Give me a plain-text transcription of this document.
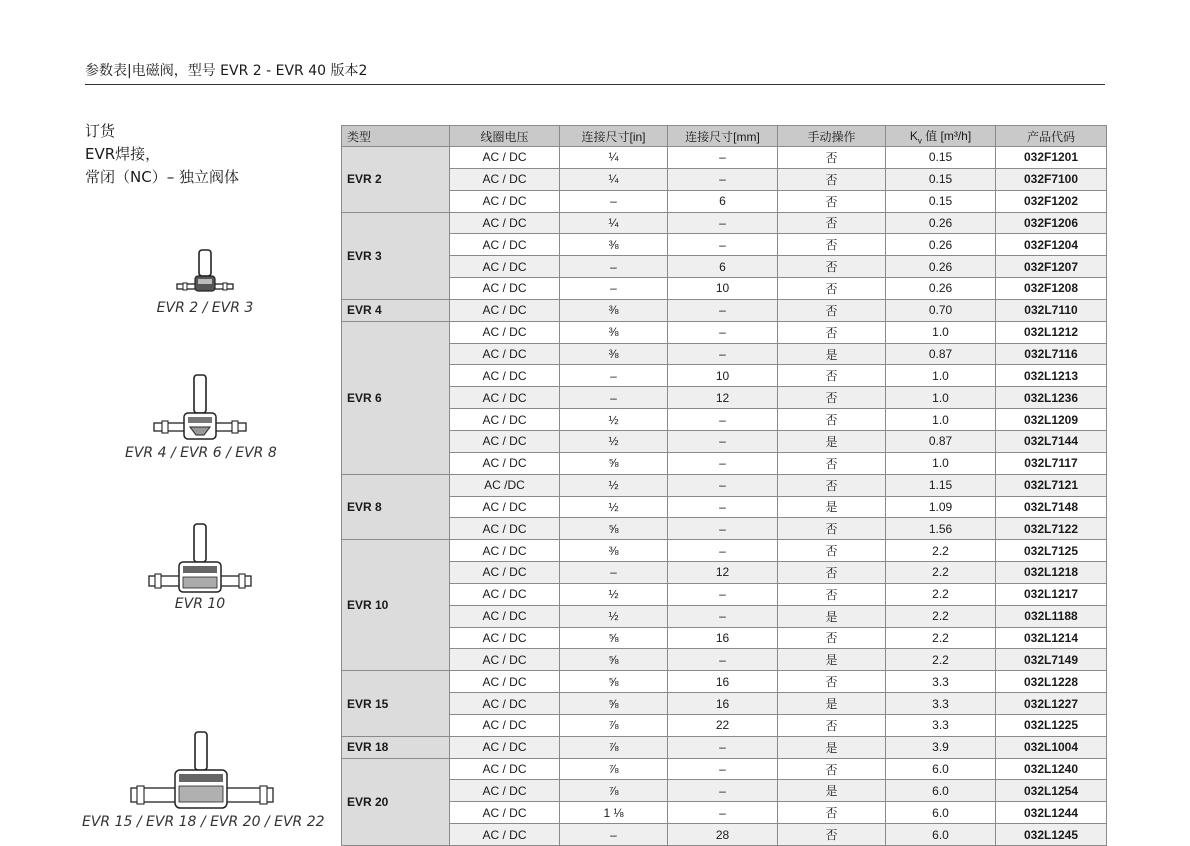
参数表|电磁阀，型号 EVR 2 - EVR 40 版本2
订货
EVR焊接，
常闭（NC）– 独立阀体
EVR 2 / EVR 3
EVR 4 / EVR 6 / EVR 8
EVR 10
EVR 15 / EVR 18 / EVR 20 / EVR 22
类型	线圈电压	连接尺寸[in]	连接尺寸[mm]	手动操作	$K_v$ 值 [m³/h]	产品代码
EVR 2	AC / DC	¼	–	否	0.15	032F1201
	AC / DC	¼	–	否	0.15	032F7100
	AC / DC	–	6	否	0.15	032F1202
EVR 3	AC / DC	¼	–	否	0.26	032F1206
	AC / DC	⅜	–	否	0.26	032F1204
	AC / DC	–	6	否	0.26	032F1207
	AC / DC	–	10	否	0.26	032F1208
EVR 4	AC / DC	⅜	–	否	0.70	032L7110
EVR 6	AC / DC	⅜	–	否	1.0	032L1212
	AC / DC	⅜	–	是	0.87	032L7116
	AC / DC	–	10	否	1.0	032L1213
	AC / DC	–	12	否	1.0	032L1236
	AC / DC	½	–	否	1.0	032L1209
	AC / DC	½	–	是	0.87	032L7144
	AC / DC	⅝	–	否	1.0	032L7117
EVR 8	AC /DC	½	–	否	1.15	032L7121
	AC / DC	½	–	是	1.09	032L7148
	AC / DC	⅝	–	否	1.56	032L7122
EVR 10	AC / DC	⅜	–	否	2.2	032L7125
	AC / DC	–	12	否	2.2	032L1218
	AC / DC	½	–	否	2.2	032L1217
	AC / DC	½	–	是	2.2	032L1188
	AC / DC	⅝	16	否	2.2	032L1214
	AC / DC	⅝	–	是	2.2	032L7149
EVR 15	AC / DC	⅝	16	否	3.3	032L1228
	AC / DC	⅝	16	是	3.3	032L1227
	AC / DC	⅞	22	否	3.3	032L1225
EVR 18	AC / DC	⅞	–	是	3.9	032L1004
EVR 20	AC / DC	⅞	–	否	6.0	032L1240
	AC / DC	⅞	–	是	6.0	032L1254
	AC / DC	1 ⅛	–	否	6.0	032L1244
	AC / DC	–	28	否	6.0	032L1245
